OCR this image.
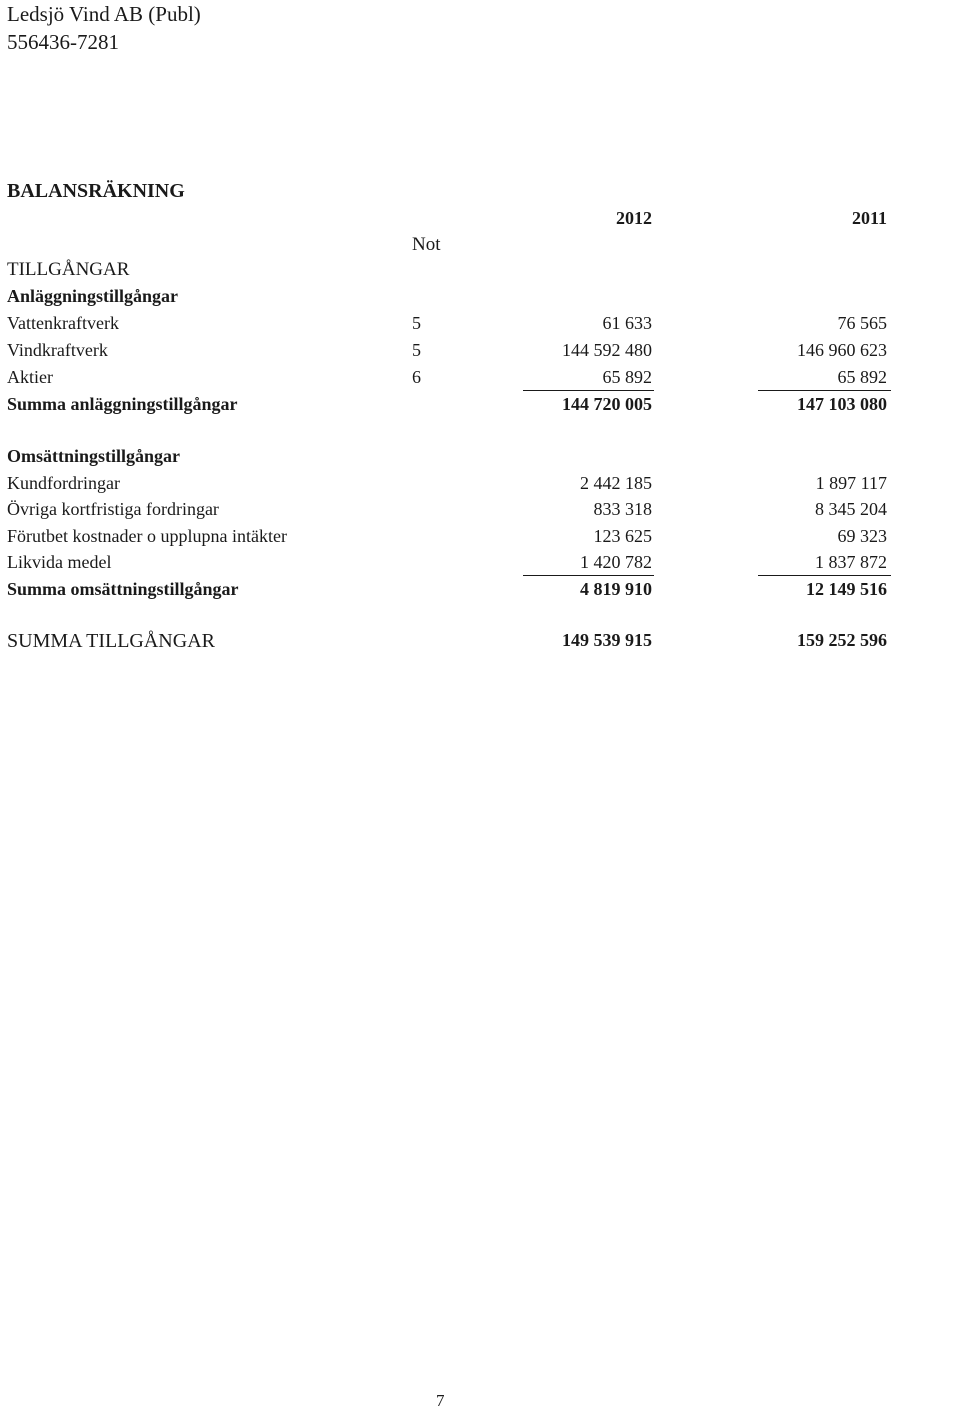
Ledsjö Vind AB (Publ)
556436-7281
BALANSRÄKNING
2012	2011
Not
TILLGÅNGAR
Anläggningstillgångar
Vattenkraftverk	5	61 633	76 565
Vindkraftverk	5	144 592 480	146 960 623
Aktier	6	65 892	65 892
Summa anläggningstillgångar	144 720 005	147 103 080
Omsättningstillgångar
Kundfordringar	2 442 185	1 897 117
Övriga kortfristiga fordringar	833 318	8 345 204
Förutbet kostnader o upplupna intäkter	123 625	69 323
Likvida medel	1 420 782	1 837 872
Summa omsättningstillgångar	4 819 910	12 149 516
SUMMA TILLGÅNGAR	149 539 915	159 252 596
7
